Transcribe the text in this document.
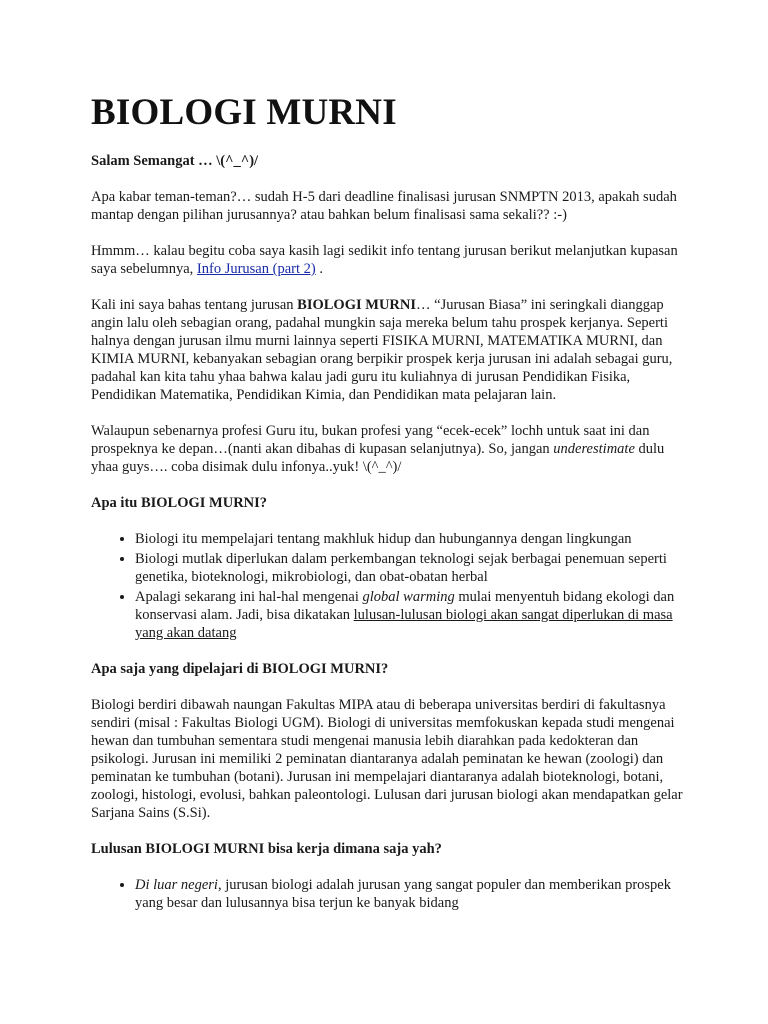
BIOLOGI MURNI

Salam Semangat … \(^_^)/

Apa kabar teman-teman?… sudah H-5 dari deadline finalisasi jurusan SNMPTN 2013, apakah sudah mantap dengan pilihan jurusannya? atau bahkan belum finalisasi sama sekali?? :-)

Hmmm… kalau begitu coba saya kasih lagi sedikit info tentang jurusan berikut melanjutkan kupasan saya sebelumnya, Info Jurusan (part 2) .

Kali ini saya bahas tentang jurusan BIOLOGI MURNI… “Jurusan Biasa” ini seringkali dianggap angin lalu oleh sebagian orang, padahal mungkin saja mereka belum tahu prospek kerjanya. Seperti halnya dengan jurusan ilmu murni lainnya seperti FISIKA MURNI, MATEMATIKA MURNI, dan KIMIA MURNI, kebanyakan sebagian orang berpikir prospek kerja jurusan ini adalah sebagai guru, padahal kan kita tahu yhaa bahwa kalau jadi guru itu kuliahnya di jurusan Pendidikan Fisika, Pendidikan Matematika, Pendidikan Kimia, dan Pendidikan mata pelajaran lain.

Walaupun sebenarnya profesi Guru itu, bukan profesi yang “ecek-ecek” lochh untuk saat ini dan prospeknya ke depan…(nanti akan dibahas di kupasan selanjutnya). So, jangan underestimate dulu yhaa guys…. coba disimak dulu infonya..yuk! \(^_^)/

Apa itu BIOLOGI MURNI?

• Biologi itu mempelajari tentang makhluk hidup dan hubungannya dengan lingkungan
• Biologi mutlak diperlukan dalam perkembangan teknologi sejak berbagai penemuan seperti genetika, bioteknologi, mikrobiologi, dan obat-obatan herbal
• Apalagi sekarang ini hal-hal mengenai global warming mulai menyentuh bidang ekologi dan konservasi alam. Jadi, bisa dikatakan lulusan-lulusan biologi akan sangat diperlukan di masa yang akan datang

Apa saja yang dipelajari di BIOLOGI MURNI?

Biologi berdiri dibawah naungan Fakultas MIPA atau di beberapa universitas berdiri di fakultasnya sendiri (misal : Fakultas Biologi UGM). Biologi di universitas memfokuskan kepada studi mengenai hewan dan tumbuhan sementara studi mengenai manusia lebih diarahkan pada kedokteran dan psikologi. Jurusan ini memiliki 2 peminatan diantaranya adalah peminatan ke hewan (zoologi) dan peminatan ke tumbuhan (botani). Jurusan ini mempelajari diantaranya adalah bioteknologi, botani, zoologi, histologi, evolusi, bahkan paleontologi. Lulusan dari jurusan biologi akan mendapatkan gelar Sarjana Sains (S.Si).

Lulusan BIOLOGI MURNI bisa kerja dimana saja yah?

• Di luar negeri, jurusan biologi adalah jurusan yang sangat populer dan memberikan prospek yang besar dan lulusannya bisa terjun ke banyak bidang
